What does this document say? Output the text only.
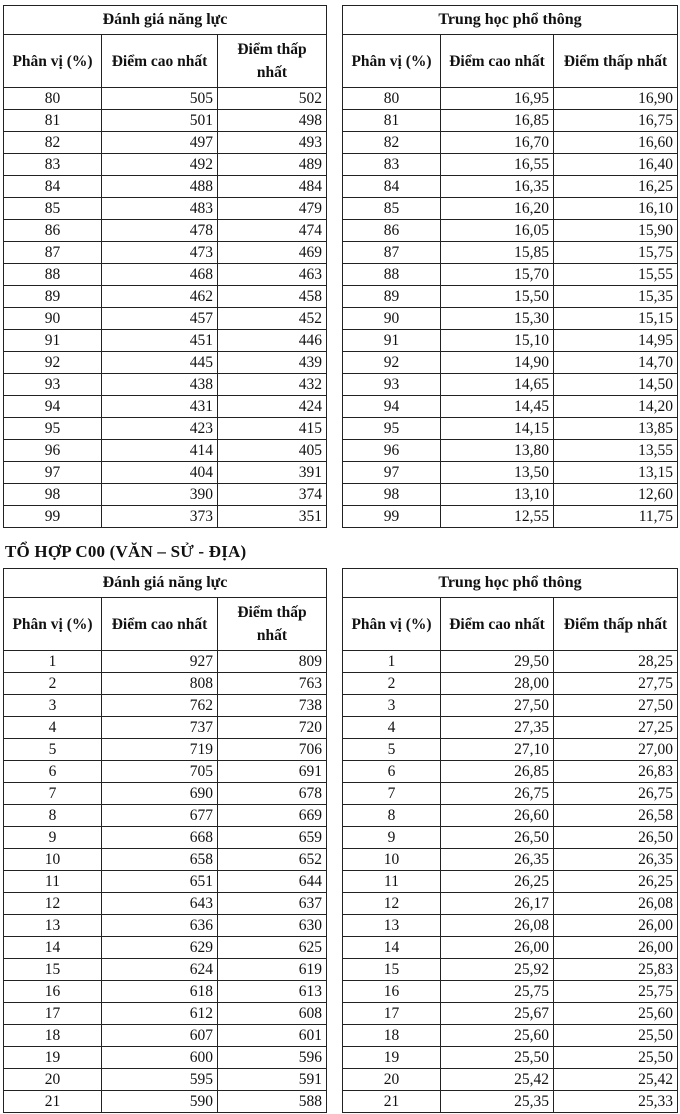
Đánh giá năng lực		
Phân vị (%)	Điểm cao nhất	Điểm thấp nhất
80	505	502
81	501	498
82	497	493
83	492	489
84	488	484
85	483	479
86	478	474
87	473	469
88	468	463
89	462	458
90	457	452
91	451	446
92	445	439
93	438	432
94	431	424
95	423	415
96	414	405
97	404	391
98	390	374
99	373	351
Trung học phổ thông		
Phân vị (%)	Điểm cao nhất	Điểm thấp nhất
80	16,95	16,90
81	16,85	16,75
82	16,70	16,60
83	16,55	16,40
84	16,35	16,25
85	16,20	16,10
86	16,05	15,90
87	15,85	15,75
88	15,70	15,55
89	15,50	15,35
90	15,30	15,15
91	15,10	14,95
92	14,90	14,70
93	14,65	14,50
94	14,45	14,20
95	14,15	13,85
96	13,80	13,55
97	13,50	13,15
98	13,10	12,60
99	12,55	11,75
TỔ HỢP C00 (VĂN – SỬ - ĐỊA)
Đánh giá năng lực		
Phân vị (%)	Điểm cao nhất	Điểm thấp nhất
1	927	809
2	808	763
3	762	738
4	737	720
5	719	706
6	705	691
7	690	678
8	677	669
9	668	659
10	658	652
11	651	644
12	643	637
13	636	630
14	629	625
15	624	619
16	618	613
17	612	608
18	607	601
19	600	596
20	595	591
21	590	588
Trung học phổ thông		
Phân vị (%)	Điểm cao nhất	Điểm thấp nhất
1	29,50	28,25
2	28,00	27,75
3	27,50	27,50
4	27,35	27,25
5	27,10	27,00
6	26,85	26,83
7	26,75	26,75
8	26,60	26,58
9	26,50	26,50
10	26,35	26,35
11	26,25	26,25
12	26,17	26,08
13	26,08	26,00
14	26,00	26,00
15	25,92	25,83
16	25,75	25,75
17	25,67	25,60
18	25,60	25,50
19	25,50	25,50
20	25,42	25,42
21	25,35	25,33
